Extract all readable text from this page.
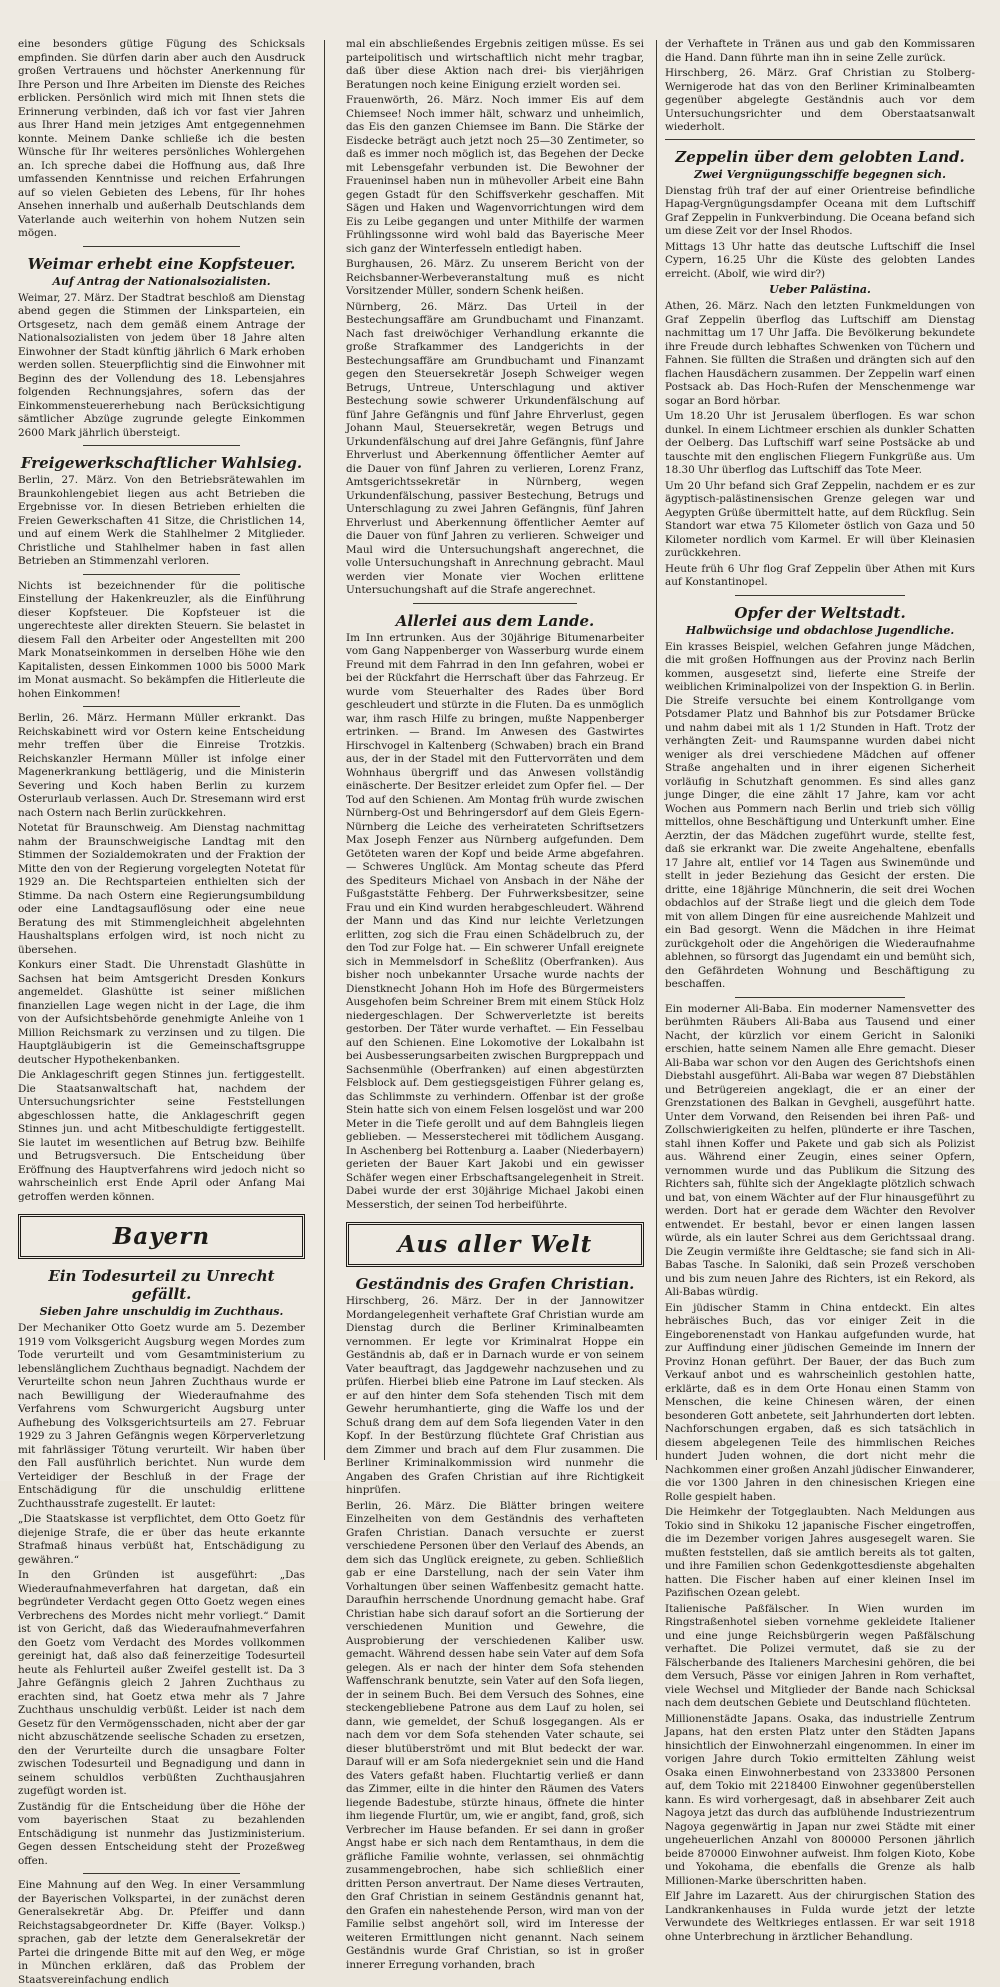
eine besonders gütige Fügung des Schicksals empfinden. Sie dürfen darin aber auch den Ausdruck großen Vertrauens und höchster Anerkennung für Ihre Person und Ihre Arbeiten im Dienste des Reiches erblicken. Persönlich wird mich mit Ihnen stets die Erinnerung verbinden, daß ich vor fast vier Jahren aus Ihrer Hand mein jetziges Amt entgegennehmen konnte. Meinem Danke schließe ich die besten Wünsche für Ihr weiteres persönliches Wohlergehen an. Ich spreche dabei die Hoffnung aus, daß Ihre umfassenden Kenntnisse und reichen Erfahrungen auf so vielen Gebieten des Lebens, für Ihr hohes Ansehen innerhalb und außerhalb Deutschlands dem Vaterlande auch weiterhin von hohem Nutzen sein mögen.

Weimar erhebt eine Kopfsteuer.
Auf Antrag der Nationalsozialisten.

Weimar, 27. März. Der Stadtrat beschloß am Dienstag abend gegen die Stimmen der Linksparteien, ein Ortsgesetz, nach dem gemäß einem Antrage der Nationalsozialisten von jedem über 18 Jahre alten Einwohner der Stadt künftig jährlich 6 Mark erhoben werden sollen. Steuerpflichtig sind die Einwohner mit Beginn des der Vollendung des 18. Lebensjahres folgenden Rechnungsjahres, sofern das der Einkommensteuererhebung nach Berücksichtigung sämtlicher Abzüge zugrunde gelegte Einkommen 2600 Mark jährlich übersteigt.

Freigewerkschaftlicher Wahlsieg.

Berlin, 27. März. Von den Betriebsrätewahlen im Braunkohlengebiet liegen aus acht Betrieben die Ergebnisse vor. In diesen Betrieben erhielten die Freien Gewerkschaften 41 Sitze, die Christlichen 14, und auf einem Werk die Stahlhelmer 2 Mitglieder. Christliche und Stahlhelmer haben in fast allen Betrieben an Stimmenzahl verloren.

Nichts ist bezeichnender für die politische Einstellung der Hakenkreuzler, als die Einführung dieser Kopfsteuer. Die Kopfsteuer ist die ungerechteste aller direkten Steuern. Sie belastet in diesem Fall den Arbeiter oder Angestellten mit 200 Mark Monatseinkommen in derselben Höhe wie den Kapitalisten, dessen Einkommen 1000 bis 5000 Mark im Monat ausmacht. So bekämpfen die Hitlerleute die hohen Einkommen!

Berlin, 26. März. Hermann Müller erkrankt. Das Reichskabinett wird vor Ostern keine Entscheidung mehr treffen über die Einreise Trotzkis. Reichskanzler Hermann Müller ist infolge einer Magenerkrankung bettlägerig, und die Ministerin Severing und Koch haben Berlin zu kurzem Osterurlaub verlassen. Auch Dr. Stresemann wird erst nach Ostern nach Berlin zurückkehren.

Notetat für Braunschweig. Am Dienstag nachmittag nahm der Braunschweigische Landtag mit den Stimmen der Sozialdemokraten und der Fraktion der Mitte den von der Regierung vorgelegten Notetat für 1929 an. Die Rechtsparteien enthielten sich der Stimme. Da nach Ostern eine Regierungsumbildung oder eine Landtagsauflösung oder eine neue Beratung des mit Stimmengleichheit abgelehnten Haushaltsplans erfolgen wird, ist noch nicht zu übersehen.

Konkurs einer Stadt. Die Uhrenstadt Glashütte in Sachsen hat beim Amtsgericht Dresden Konkurs angemeldet. Glashütte ist seiner mißlichen finanziellen Lage wegen nicht in der Lage, die ihm von der Aufsichtsbehörde genehmigte Anleihe von 1 Million Reichsmark zu verzinsen und zu tilgen. Die Hauptgläubigerin ist die Gemeinschaftsgruppe deutscher Hypothekenbanken.

Die Anklageschrift gegen Stinnes jun. fertiggestellt. Die Staatsanwaltschaft hat, nachdem der Untersuchungsrichter seine Feststellungen abgeschlossen hatte, die Anklageschrift gegen Stinnes jun. und acht Mitbeschuldigte fertiggestellt. Sie lautet im wesentlichen auf Betrug bzw. Beihilfe und Betrugsversuch. Die Entscheidung über Eröffnung des Hauptverfahrens wird jedoch nicht so wahrscheinlich erst Ende April oder Anfang Mai getroffen werden können.

Bayern
Ein Todesurteil zu Unrecht gefällt.
Sieben Jahre unschuldig im Zuchthaus.

Der Mechaniker Otto Goetz wurde am 5. Dezember 1919 vom Volksgericht Augsburg wegen Mordes zum Tode verurteilt und vom Gesamtministerium zu lebenslänglichem Zuchthaus begnadigt. Nachdem der Verurteilte schon neun Jahren Zuchthaus wurde er nach Bewilligung der Wiederaufnahme des Verfahrens vom Schwurgericht Augsburg unter Aufhebung des Volksgerichtsurteils am 27. Februar 1929 zu 3 Jahren Gefängnis wegen Körperverletzung mit fahrlässiger Tötung verurteilt. Wir haben über den Fall ausführlich berichtet. Nun wurde dem Verteidiger der Beschluß in der Frage der Entschädigung für die unschuldig erlittene Zuchthausstrafe zugestellt. Er lautet:

„Die Staatskasse ist verpflichtet, dem Otto Goetz für diejenige Strafe, die er über das heute erkannte Strafmaß hinaus verbüßt hat, Entschädigung zu gewähren.“

In den Gründen ist ausgeführt: „Das Wiederaufnahmeverfahren hat dargetan, daß ein begründeter Verdacht gegen Otto Goetz wegen eines Verbrechens des Mordes nicht mehr vorliegt.“ Damit ist von Gericht, daß das Wiederaufnahmeverfahren den Goetz vom Verdacht des Mordes vollkommen gereinigt hat, daß also daß feinerzeitige Todesurteil heute als Fehlurteil außer Zweifel gestellt ist. Da 3 Jahre Gefängnis gleich 2 Jahren Zuchthaus zu erachten sind, hat Goetz etwa mehr als 7 Jahre Zuchthaus unschuldig verbüßt. Leider ist nach dem Gesetz für den Vermögensschaden, nicht aber der gar nicht abzuschätzende seelische Schaden zu ersetzen, den der Verurteilte durch die unsagbare Folter zwischen Todesurteil und Begnadigung und dann in seinem schuldlos verbüßten Zuchthausjahren zugefügt worden ist.

Zuständig für die Entscheidung über die Höhe der vom bayerischen Staat zu bezahlenden Entschädigung ist nunmehr das Justizministerium. Gegen dessen Entscheidung steht der Prozeßweg offen.

Eine Mahnung auf den Weg. In einer Versammlung der Bayerischen Volkspartei, in der zunächst deren Generalsekretär Abg. Dr. Pfeiffer und dann Reichstagsabgeordneter Dr. Kiffe (Bayer. Volksp.) sprachen, gab der letzte dem Generalsekretär der Partei die dringende Bitte mit auf den Weg, er möge in München erklären, daß das Problem der Staatsvereinfachung endlich

mal ein abschließendes Ergebnis zeitigen müsse. Es sei parteipolitisch und wirtschaftlich nicht mehr tragbar, daß über diese Aktion nach drei- bis vierjährigen Beratungen noch keine Einigung erzielt worden sei.

Frauenwörth, 26. März. Noch immer Eis auf dem Chiemsee! Noch immer hält, schwarz und unheimlich, das Eis den ganzen Chiemsee im Bann. Die Stärke der Eisdecke beträgt auch jetzt noch 25—30 Zentimeter, so daß es immer noch möglich ist, das Begehen der Decke mit Lebensgefahr verbunden ist. Die Bewohner der Fraueninsel haben nun in mühevoller Arbeit eine Bahn gegen Gstadt für den Schiffsverkehr geschaffen. Mit Sägen und Haken und Wagenvorrichtungen wird dem Eis zu Leibe gegangen und unter Mithilfe der warmen Frühlingssonne wird wohl bald das Bayerische Meer sich ganz der Winterfesseln entledigt haben.

Burghausen, 26. März. Zu unserem Bericht von der Reichsbanner-Werbeveranstaltung muß es nicht Vorsitzender Müller, sondern Schenk heißen.

Nürnberg, 26. März. Das Urteil in der Bestechungsaffäre am Grundbuchamt und Finanzamt. Nach fast dreiwöchiger Verhandlung erkannte die große Strafkammer des Landgerichts in der Bestechungsaffäre am Grundbuchamt und Finanzamt gegen den Steuersekretär Joseph Schweiger wegen Betrugs, Untreue, Unterschlagung und aktiver Bestechung sowie schwerer Urkundenfälschung auf fünf Jahre Gefängnis und fünf Jahre Ehrverlust, gegen Johann Maul, Steuersekretär, wegen Betrugs und Urkundenfälschung auf drei Jahre Gefängnis, fünf Jahre Ehrverlust und Aberkennung öffentlicher Aemter auf die Dauer von fünf Jahren zu verlieren, Lorenz Franz, Amtsgerichtssekretär in Nürnberg, wegen Urkundenfälschung, passiver Bestechung, Betrugs und Unterschlagung zu zwei Jahren Gefängnis, fünf Jahren Ehrverlust und Aberkennung öffentlicher Aemter auf die Dauer von fünf Jahren zu verlieren. Schweiger und Maul wird die Untersuchungshaft angerechnet, die volle Untersuchungshaft in Anrechnung gebracht. Maul werden vier Monate vier Wochen erlittene Untersuchungshaft auf die Strafe angerechnet.

Allerlei aus dem Lande.

Im Inn ertrunken. Aus der 30jährige Bitumenarbeiter vom Gang Nappenberger von Wasserburg wurde einem Freund mit dem Fahrrad in den Inn gefahren, wobei er bei der Rückfahrt die Herrschaft über das Fahrzeug. Er wurde vom Steuerhalter des Rades über Bord geschleudert und stürzte in die Fluten. Da es unmöglich war, ihm rasch Hilfe zu bringen, mußte Nappenberger ertrinken. — Brand. Im Anwesen des Gastwirtes Hirschvogel in Kaltenberg (Schwaben) brach ein Brand aus, der in der Stadel mit den Futtervorräten und dem Wohnhaus übergriff und das Anwesen vollständig einäscherte. Der Besitzer erleidet zum Opfer fiel. — Der Tod auf den Schienen. Am Montag früh wurde zwischen Nürnberg-Ost und Behringersdorf auf dem Gleis Egern-Nürnberg die Leiche des verheirateten Schriftsetzers Max Joseph Fenzer aus Nürnberg aufgefunden. Dem Getöteten waren der Kopf und beide Arme abgefahren. — Schweres Unglück. Am Montag scheute das Pferd des Spediteurs Michael von Ansbach in der Nähe der Fußgaststätte Fehberg. Der Fuhrwerksbesitzer, seine Frau und ein Kind wurden herabgeschleudert. Während der Mann und das Kind nur leichte Verletzungen erlitten, zog sich die Frau einen Schädelbruch zu, der den Tod zur Folge hat. — Ein schwerer Unfall ereignete sich in Memmelsdorf in Scheßlitz (Oberfranken). Aus bisher noch unbekannter Ursache wurde nachts der Dienstknecht Johann Hoh im Hofe des Bürgermeisters Ausgehofen beim Schreiner Brem mit einem Stück Holz niedergeschlagen. Der Schwerverletzte ist bereits gestorben. Der Täter wurde verhaftet. — Ein Fesselbau auf den Schienen. Eine Lokomotive der Lokalbahn ist bei Ausbesserungsarbeiten zwischen Burgpreppach und Sachsenmühle (Oberfranken) auf einen abgestürzten Felsblock auf. Dem gestiegsgeistigen Führer gelang es, das Schlimmste zu verhindern. Offenbar ist der große Stein hatte sich von einem Felsen losgelöst und war 200 Meter in die Tiefe gerollt und auf dem Bahngleis liegen geblieben. — Messerstecherei mit tödlichem Ausgang. In Aschenberg bei Rottenburg a. Laaber (Niederbayern) gerieten der Bauer Kart Jakobi und ein gewisser Schäfer wegen einer Erbschaftsangelegenheit in Streit. Dabei wurde der erst 30jährige Michael Jakobi einen Messerstich, der seinen Tod herbeiführte.

Aus aller Welt
Geständnis des Grafen Christian.

Hirschberg, 26. März. Der in der Jannowitzer Mordangelegenheit verhaftete Graf Christian wurde am Dienstag durch die Berliner Kriminalbeamten vernommen. Er legte vor Kriminalrat Hoppe ein Geständnis ab, daß er in Darnach wurde er von seinem Vater beauftragt, das Jagdgewehr nachzusehen und zu prüfen. Hierbei blieb eine Patrone im Lauf stecken. Als er auf den hinter dem Sofa stehenden Tisch mit dem Gewehr herumhantierte, ging die Waffe los und der Schuß drang dem auf dem Sofa liegenden Vater in den Kopf. In der Bestürzung flüchtete Graf Christian aus dem Zimmer und brach auf dem Flur zusammen. Die Berliner Kriminalkommission wird nunmehr die Angaben des Grafen Christian auf ihre Richtigkeit hinprüfen.

Berlin, 26. März. Die Blätter bringen weitere Einzelheiten von dem Geständnis des verhafteten Grafen Christian. Danach versuchte er zuerst verschiedene Personen über den Verlauf des Abends, an dem sich das Unglück ereignete, zu geben. Schließlich gab er eine Darstellung, nach der sein Vater ihm Vorhaltungen über seinen Waffenbesitz gemacht hatte. Daraufhin herrschende Unordnung gemacht habe. Graf Christian habe sich darauf sofort an die Sortierung der verschiedenen Munition und Gewehre, die Ausprobierung der verschiedenen Kaliber usw. gemacht. Während dessen habe sein Vater auf dem Sofa gelegen. Als er nach der hinter dem Sofa stehenden Waffenschrank benutzte, sein Vater auf den Sofa liegen, der in seinem Buch. Bei dem Versuch des Sohnes, eine steckengebliebene Patrone aus dem Lauf zu holen, sei dann, wie gemeldet, der Schuß losgegangen. Als er nach dem vor dem Sofa stehenden Vater schaute, sei dieser blutüberströmt und mit Blut bedeckt der war. Darauf will er am Sofa niedergekniet sein und die Hand des Vaters gefaßt haben. Fluchtartig verließ er dann das Zimmer, eilte in die hinter den Räumen des Vaters liegende Badestube, stürzte hinaus, öffnete die hinter ihm liegende Flurtür, um, wie er angibt, fand, groß, sich Verbrecher im Hause befanden. Er sei dann in großer Angst habe er sich nach dem Rentamthaus, in dem die gräfliche Familie wohnte, verlassen, sei ohnmächtig zusammengebrochen, habe sich schließlich einer dritten Person anvertraut. Der Name dieses Vertrauten, den Graf Christian in seinem Geständnis genannt hat, den Grafen ein nahestehende Person, wird man von der Familie selbst angehört soll, wird im Interesse der weiteren Ermittlungen nicht genannt. Nach seinem Geständnis wurde Graf Christian, so ist in großer innerer Erregung vorhanden, brach

der Verhaftete in Tränen aus und gab den Kommissaren die Hand. Dann führte man ihn in seine Zelle zurück.

Hirschberg, 26. März. Graf Christian zu Stolberg-Wernigerode hat das von den Berliner Kriminalbeamten gegenüber abgelegte Geständnis auch vor dem Untersuchungsrichter und dem Oberstaatsanwalt wiederholt.

Zeppelin über dem gelobten Land.
Zwei Vergnügungsschiffe begegnen sich.

Dienstag früh traf der auf einer Orientreise befindliche Hapag-Vergnügungsdampfer Oceana mit dem Luftschiff Graf Zeppelin in Funkverbindung. Die Oceana befand sich um diese Zeit vor der Insel Rhodos.

Mittags 13 Uhr hatte das deutsche Luftschiff die Insel Cypern, 16.25 Uhr die Küste des gelobten Landes erreicht. (Abolf, wie wird dir?)

Ueber Palästina.

Athen, 26. März. Nach den letzten Funkmeldungen von Graf Zeppelin überflog das Luftschiff am Dienstag nachmittag um 17 Uhr Jaffa. Die Bevölkerung bekundete ihre Freude durch lebhaftes Schwenken von Tüchern und Fahnen. Sie füllten die Straßen und drängten sich auf den flachen Hausdächern zusammen. Der Zeppelin warf einen Postsack ab. Das Hoch-Rufen der Menschenmenge war sogar an Bord hörbar.

Um 18.20 Uhr ist Jerusalem überflogen. Es war schon dunkel. In einem Lichtmeer erschien als dunkler Schatten der Oelberg. Das Luftschiff warf seine Postsäcke ab und tauschte mit den englischen Fliegern Funkgrüße aus. Um 18.30 Uhr überflog das Luftschiff das Tote Meer.

Um 20 Uhr befand sich Graf Zeppelin, nachdem er es zur ägyptisch-palästinensischen Grenze gelegen war und Aegypten Grüße übermittelt hatte, auf dem Rückflug. Sein Standort war etwa 75 Kilometer östlich von Gaza und 50 Kilometer nordlich vom Karmel. Er will über Kleinasien zurückkehren.

Heute früh 6 Uhr flog Graf Zeppelin über Athen mit Kurs auf Konstantinopel.

Opfer der Weltstadt.
Halbwüchsige und obdachlose Jugendliche.

Ein krasses Beispiel, welchen Gefahren junge Mädchen, die mit großen Hoffnungen aus der Provinz nach Berlin kommen, ausgesetzt sind, lieferte eine Streife der weiblichen Kriminalpolizei von der Inspektion G. in Berlin. Die Streife versuchte bei einem Kontrollgange vom Potsdamer Platz und Bahnhof bis zur Potsdamer Brücke und nahm dabei mit als 1 1/2 Stunden in Haft. Trotz der verhängten Zeit- und Raumspanne wurden dabei nicht weniger als drei verschiedene Mädchen auf offener Straße angehalten und in ihrer eigenen Sicherheit vorläufig in Schutzhaft genommen. Es sind alles ganz junge Dinger, die eine zählt 17 Jahre, kam vor acht Wochen aus Pommern nach Berlin und trieb sich völlig mittellos, ohne Beschäftigung und Unterkunft umher. Eine Aerztin, der das Mädchen zugeführt wurde, stellte fest, daß sie erkrankt war. Die zweite Angehaltene, ebenfalls 17 Jahre alt, entlief vor 14 Tagen aus Swinemünde und stellt in jeder Beziehung das Gesicht der ersten. Die dritte, eine 18jährige Münchnerin, die seit drei Wochen obdachlos auf der Straße liegt und die gleich dem Tode mit von allem Dingen für eine ausreichende Mahlzeit und ein Bad gesorgt. Wenn die Mädchen in ihre Heimat zurückgeholt oder die Angehörigen die Wiederaufnahme ablehnen, so fürsorgt das Jugendamt ein und bemüht sich, den Gefährdeten Wohnung und Beschäftigung zu beschaffen.

Ein moderner Ali-Baba. Ein moderner Namensvetter des berühmten Räubers Ali-Baba aus Tausend und einer Nacht, der kürzlich vor einem Gericht in Saloniki erschien, hatte seinem Namen alle Ehre gemacht. Dieser Ali-Baba war schon vor den Augen des Gerichtshofs einen Diebstahl ausgeführt. Ali-Baba war wegen 87 Diebstählen und Betrügereien angeklagt, die er an einer der Grenzstationen des Balkan in Gevgheli, ausgeführt hatte. Unter dem Vorwand, den Reisenden bei ihren Paß- und Zollschwierigkeiten zu helfen, plünderte er ihre Taschen, stahl ihnen Koffer und Pakete und gab sich als Polizist aus. Während einer Zeugin, eines seiner Opfern, vernommen wurde und das Publikum die Sitzung des Richters sah, fühlte sich der Angeklagte plötzlich schwach und bat, von einem Wächter auf der Flur hinausgeführt zu werden. Dort hat er gerade dem Wächter den Revolver entwendet. Er bestahl, bevor er einen langen lassen würde, als ein lauter Schrei aus dem Gerichtssaal drang. Die Zeugin vermißte ihre Geldtasche; sie fand sich in Ali-Babas Tasche. In Saloniki, daß sein Prozeß verschoben und bis zum neuen Jahre des Richters, ist ein Rekord, als Ali-Babas würdig.

Ein jüdischer Stamm in China entdeckt. Ein altes hebräisches Buch, das vor einiger Zeit in die Eingeborenenstadt von Hankau aufgefunden wurde, hat zur Auffindung einer jüdischen Gemeinde im Innern der Provinz Honan geführt. Der Bauer, der das Buch zum Verkauf anbot und es wahrscheinlich gestohlen hatte, erklärte, daß es in dem Orte Honau einen Stamm von Menschen, die keine Chinesen wären, der einen besonderen Gott anbetete, seit Jahrhunderten dort lebten. Nachforschungen ergaben, daß es sich tatsächlich in diesem abgelegenen Teile des himmlischen Reiches hundert Juden wohnen, die dort nicht mehr die Nachkommen einer großen Anzahl jüdischer Einwanderer, die vor 1300 Jahren in den chinesischen Kriegen eine Rolle gespielt haben.

Die Heimkehr der Totgeglaubten. Nach Meldungen aus Tokio sind in Shikoku 12 japanische Fischer eingetroffen, die im Dezember vorigen Jahres ausgesegelt waren. Sie mußten feststellen, daß sie amtlich bereits als tot galten, und ihre Familien schon Gedenkgottesdienste abgehalten hatten. Die Fischer haben auf einer kleinen Insel im Pazifischen Ozean gelebt.

Italienische Paßfälscher. In Wien wurden im Ringstraßenhotel sieben vornehme gekleidete Italiener und eine junge Reichsbürgerin wegen Paßfälschung verhaftet. Die Polizei vermutet, daß sie zu der Fälscherbande des Italieners Marchesini gehören, die bei dem Versuch, Pässe vor einigen Jahren in Rom verhaftet, viele Wechsel und Mitglieder der Bande nach Schicksal nach dem deutschen Gebiete und Deutschland flüchteten.

Millionenstädte Japans. Osaka, das industrielle Zentrum Japans, hat den ersten Platz unter den Städten Japans hinsichtlich der Einwohnerzahl eingenommen. In einer im vorigen Jahre durch Tokio ermittelten Zählung weist Osaka einen Einwohnerbestand von 2333800 Personen auf, dem Tokio mit 2218400 Einwohner gegenüberstellen kann. Es wird vorhergesagt, daß in absehbarer Zeit auch Nagoya jetzt das durch das aufblühende Industriezentrum Nagoya gegenwärtig in Japan nur zwei Städte mit einer ungeheuerlichen Anzahl von 800000 Personen jährlich beide 870000 Einwohner aufweist. Ihm folgen Kioto, Kobe und Yokohama, die ebenfalls die Grenze als halb Millionen-Marke überschritten haben.

Elf Jahre im Lazarett. Aus der chirurgischen Station des Landkrankenhauses in Fulda wurde jetzt der letzte Verwundete des Weltkrieges entlassen. Er war seit 1918 ohne Unterbrechung in ärztlicher Behandlung.
